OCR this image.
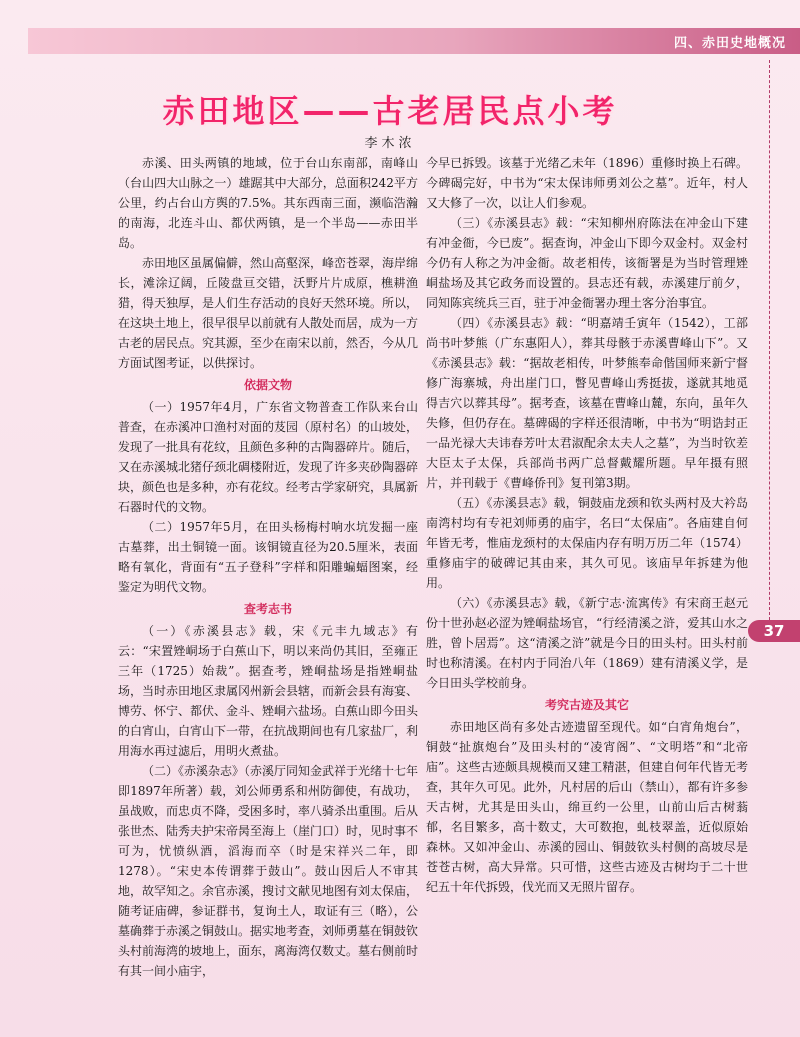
四、赤田史地概况
37
赤田地区——古老居民点小考
李木浓

赤溪、田头两镇的地域，位于台山东南部，南峰山（台山四大山脉之一）雄踞其中大部分，总面积242平方公里，约占台山方舆的7.5%。其东西南三面，濒临浩瀚的南海，北连斗山、都伏两镇，是一个半岛——赤田半岛。

赤田地区虽属偏僻，然山高壑深，峰峦苍翠，海岸绵长，滩涂辽阔，丘陵盘亘交错，沃野片片成原，樵耕渔猎，得天独厚，是人们生存活动的良好天然环境。所以，在这块土地上，很早很早以前就有人散处而居，成为一方古老的居民点。究其源，至少在南宋以前，然否，今从几方面试图考证，以供探讨。

依据文物

（一）1957年4月，广东省文物普查工作队来台山普查，在赤溪冲口渔村对面的芨园（原村名）的山坡处，发现了一批具有花纹，且颜色多种的古陶器碎片。随后，又在赤溪城北猪仔颈北碉楼附近，发现了许多夹砂陶器碎块，颜色也是多种，亦有花纹。经考古学家研究，具属新石器时代的文物。

（二）1957年5月，在田头杨梅村响水坑发掘一座古墓葬，出土铜镜一面。该铜镜直径为20.5厘米，表面略有氧化，背面有“五子登科”字样和阳雕蝙蝠图案，经鉴定为明代文物。

查考志书

（一）《赤溪县志》载，宋《元丰九域志》有云：“宋置矬峒场于白蕉山下，明以来尚仍其旧，至雍正三年（1725）始裁”。据查考，矬峒盐场是指矬峒盐场，当时赤田地区隶属冈州新会县辖，而新会县有海宴、博劳、怀宁、都伏、金斗、矬峒六盐场。白蕉山即今田头的白宵山，白宵山下一带，在抗战期间也有几家盐厂，利用海水再过滤后，用明火煮盐。

（二）《赤溪杂志》（赤溪厅同知金武祥于光绪十七年即1897年所著）载，刘公师勇系和州防御使，有战功，虽战败，而忠贞不降，受困多时，率八骑杀出重围。后从张世杰、陆秀夫护宋帝昺至海上（崖门口）时，见时事不可为，忧愤纵酒，滔海而卒（时是宋祥兴二年，即1278）。“宋史本传谓葬于鼓山”。鼓山因后人不审其地，故罕知之。余官赤溪，搜讨文献见地图有刘太保庙，随考证庙碑，参证群书，复询土人，取证有三（略），公墓确葬于赤溪之铜鼓山。据实地考查，刘师勇墓在铜鼓钦头村前海湾的坡地上，面东，离海湾仅数丈。墓右侧前时有其一间小庙宇，

今早已拆毁。该墓于光绪乙未年（1896）重修时换上石碑。今碑碣完好，中书为“宋太保讳师勇刘公之墓”。近年，村人又大修了一次，以让人们参观。

（三）《赤溪县志》载：“宋知柳州府陈法在冲金山下建有冲金衙，今已废”。据查询，冲金山下即今双金村。双金村今仍有人称之为冲金衙。故老相传，该衙署是为当时管理矬峒盐场及其它政务而设置的。县志还有载，赤溪建厅前夕，同知陈宾统兵三百，驻于冲金衙署办理土客分治事宜。

（四）《赤溪县志》载：“明嘉靖壬寅年（1542），工部尚书叶梦熊（广东惠阳人），葬其母骸于赤溪曹峰山下”。又《赤溪县志》载：“据故老相传，叶梦熊奉命偕国师来新宁督修广海寨城，舟出崖门口，瞥见曹峰山秀挺拔，遂就其地觅得吉穴以葬其母”。据考查，该墓在曹峰山麓，东向，虽年久失修，但仍存在。墓碑碣的字样还很清晰，中书为“明诰封正一品光禄大夫讳春芳叶太君淑配余太夫人之墓”，为当时钦差大臣太子太保，兵部尚书两广总督戴耀所题。早年摄有照片，并刊载于《曹峰侨刊》复刊第3期。

（五）《赤溪县志》载，铜鼓庙龙颈和钦头两村及大衿岛南湾村均有专祀刘师勇的庙宇，名曰“太保庙”。各庙建自何年皆无考，惟庙龙颈村的太保庙内存有明万历二年（1574）重修庙宇的破碑记其由来，其久可见。该庙早年拆建为他用。

（六）《赤溪县志》载，《新宁志·流寓传》有宋商王赵元份十世孙赵必涩为矬峒盐场官，“行经清溪之浒，爱其山水之胜，曾卜居焉”。这“清溪之浒”就是今日的田头村。田头村前时也称清溪。在村内于同治八年（1869）建有清溪义学，是今日田头学校前身。

考究古迹及其它

赤田地区尚有多处古迹遗留至现代。如“白宵角炮台”，铜鼓“扯旗炮台”及田头村的“凌宵阁”、“文明塔”和“北帝庙”。这些古迹颇具规模而又建工精湛，但建自何年代皆无考查，其年久可见。此外，凡村居的后山（禁山），都有许多参天古树，尤其是田头山，绵亘约一公里，山前山后古树蓊郁，名目繁多，高十数丈，大可数抱，虬枝翠盖，近似原始森林。又如冲金山、赤溪的园山、铜鼓钦头村侧的高坡尽是苍苍古树，高大异常。只可惜，这些古迹及古树均于二十世纪五十年代拆毁，伐光而又无照片留存。
